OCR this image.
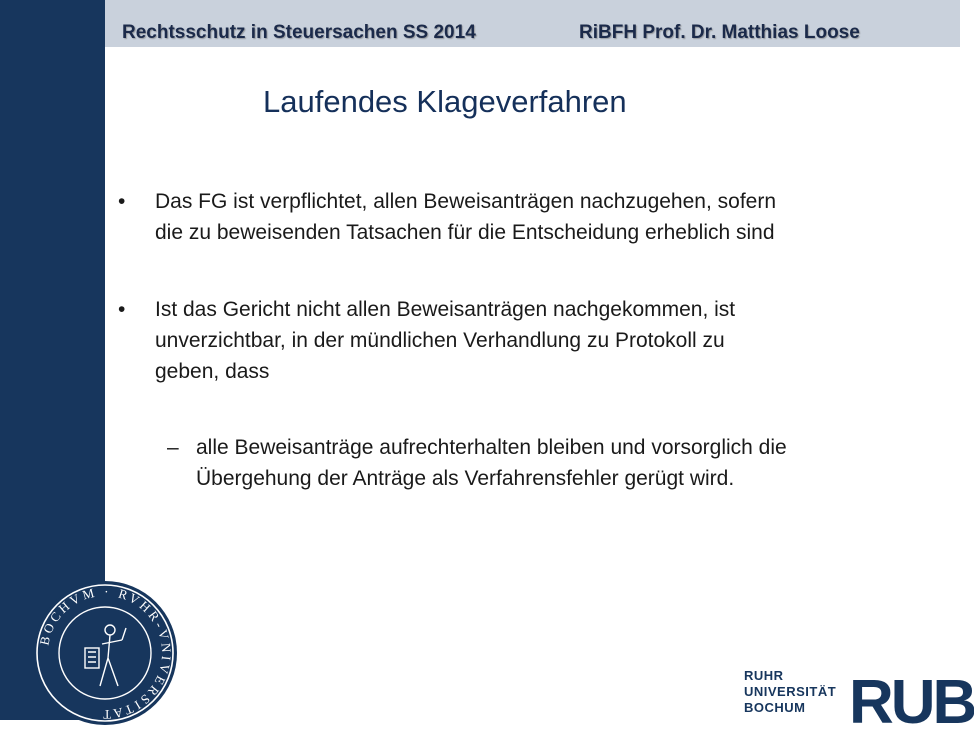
Rechtsschutz in Steuersachen SS 2014	RiBFH Prof. Dr. Matthias Loose
Laufendes Klageverfahren
• Das FG ist verpflichtet, allen Beweisanträgen nachzugehen, sofern
die zu beweisenden Tatsachen für die Entscheidung erheblich sind
• Ist das Gericht nicht allen Beweisanträgen nachgekommen, ist
unverzichtbar, in der mündlichen Verhandlung zu Protokoll zu
geben, dass
– alle Beweisanträge aufrechterhalten bleiben und vorsorglich die
Übergehung der Anträge als Verfahrensfehler gerügt wird.
BOCHVM · RVHR-VNIVERSITAT
RUHR
UNIVERSITÄT
BOCHUM RUB
